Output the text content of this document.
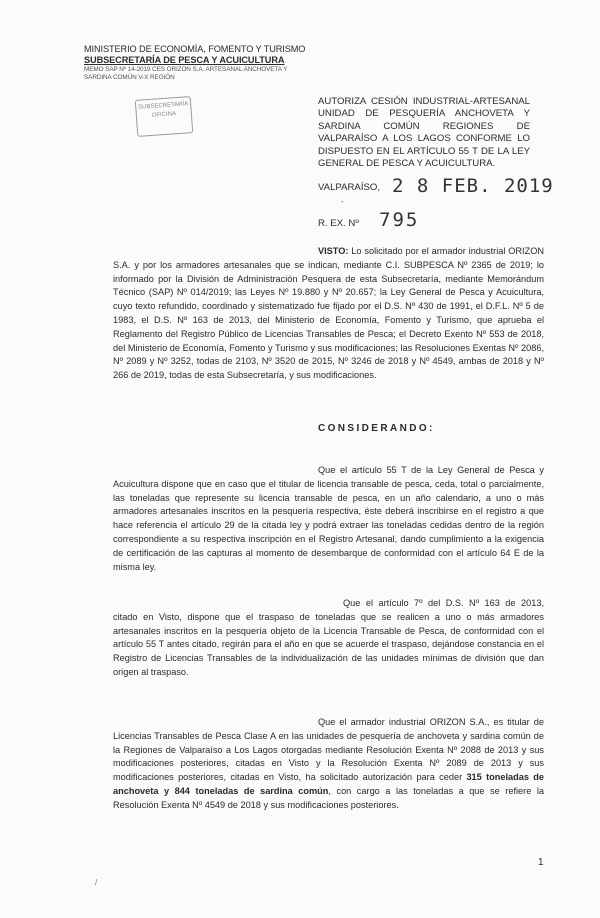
MINISTERIO DE ECONOMÍA, FOMENTO Y TURISMO
SUBSECRETARÍA DE PESCA Y ACUICULTURA
MEMO SAP Nº 14-2019 CES ORIZON S.A. ARTESANAL ANCHOVETA Y
SARDINA COMÚN V-X REGIÓN
SUBSECRETARÍA
OFICINA
AUTORIZA CESIÓN INDUSTRIAL-ARTESANAL UNIDAD DE PESQUERÍA ANCHOVETA Y SARDINA COMÚN REGIONES DE VALPARAÍSO A LOS LAGOS CONFORME LO DISPUESTO EN EL ARTÍCULO 55 T DE LA LEY GENERAL DE PESCA Y ACUICULTURA.
VALPARAÍSO, 2 8 FEB. 2019
-
R. EX. Nº 795
VISTO: Lo solicitado por el armador industrial ORIZON S.A. y por los armadores artesanales que se indican, mediante C.I. SUBPESCA Nº 2365 de 2019; lo informado por la División de Administración Pesquera de esta Subsecretaría, mediante Memorándum Técnico (SAP) Nº 014/2019; las Leyes Nº 19.880 y Nº 20.657; la Ley General de Pesca y Acuicultura, cuyo texto refundido, coordinado y sistematizado fue fijado por el D.S. Nº 430 de 1991, el D.F.L. Nº 5 de 1983, el D.S. Nº 163 de 2013, del Ministerio de Economía, Fomento y Turismo, que aprueba el Reglamento del Registro Público de Licencias Transables de Pesca; el Decreto Exento Nº 553 de 2018, del Ministerio de Economía, Fomento y Turismo y sus modificaciones; las Resoluciones Exentas Nº 2086, Nº 2089 y Nº 3252, todas de 2103, Nº 3520 de 2015, Nº 3246 de 2018 y Nº 4549, ambas de 2018 y Nº 266 de 2019, todas de esta Subsecretaría, y sus modificaciones.
CONSIDERANDO:
Que el artículo 55 T de la Ley General de Pesca y Acuicultura dispone que en caso que el titular de licencia transable de pesca, ceda, total o parcialmente, las toneladas que represente su licencia transable de pesca, en un año calendario, a uno o más armadores artesanales inscritos en la pesquería respectiva, éste deberá inscribirse en el registro a que hace referencia el artículo 29 de la citada ley y podrá extraer las toneladas cedidas dentro de la región correspondiente a su respectiva inscripción en el Registro Artesanal, dando cumplimiento a la exigencia de certificación de las capturas al momento de desembarque de conformidad con el artículo 64 E de la misma ley.
Que el artículo 7º del D.S. Nº 163 de 2013, citado en Visto, dispone que el traspaso de toneladas que se realicen a uno o más armadores artesanales inscritos en la pesquería objeto de la Licencia Transable de Pesca, de conformidad con el artículo 55 T antes citado, regirán para el año en que se acuerde el traspaso, dejándose constancia en el Registro de Licencias Transables de la individualización de las unidades mínimas de división que dan origen al traspaso.
Que el armador industrial ORIZON S.A., es titular de Licencias Transables de Pesca Clase A en las unidades de pesquería de anchoveta y sardina común de la Regiones de Valparaíso a Los Lagos otorgadas mediante Resolución Exenta Nº 2088 de 2013 y sus modificaciones posteriores, citadas en Visto y la Resolución Exenta Nº 2089 de 2013 y sus modificaciones posteriores, citadas en Visto, ha solicitado autorización para ceder 315 toneladas de anchoveta y 844 toneladas de sardina común, con cargo a las toneladas a que se refiere la Resolución Exenta Nº 4549 de 2018 y sus modificaciones posteriores.
/
1
